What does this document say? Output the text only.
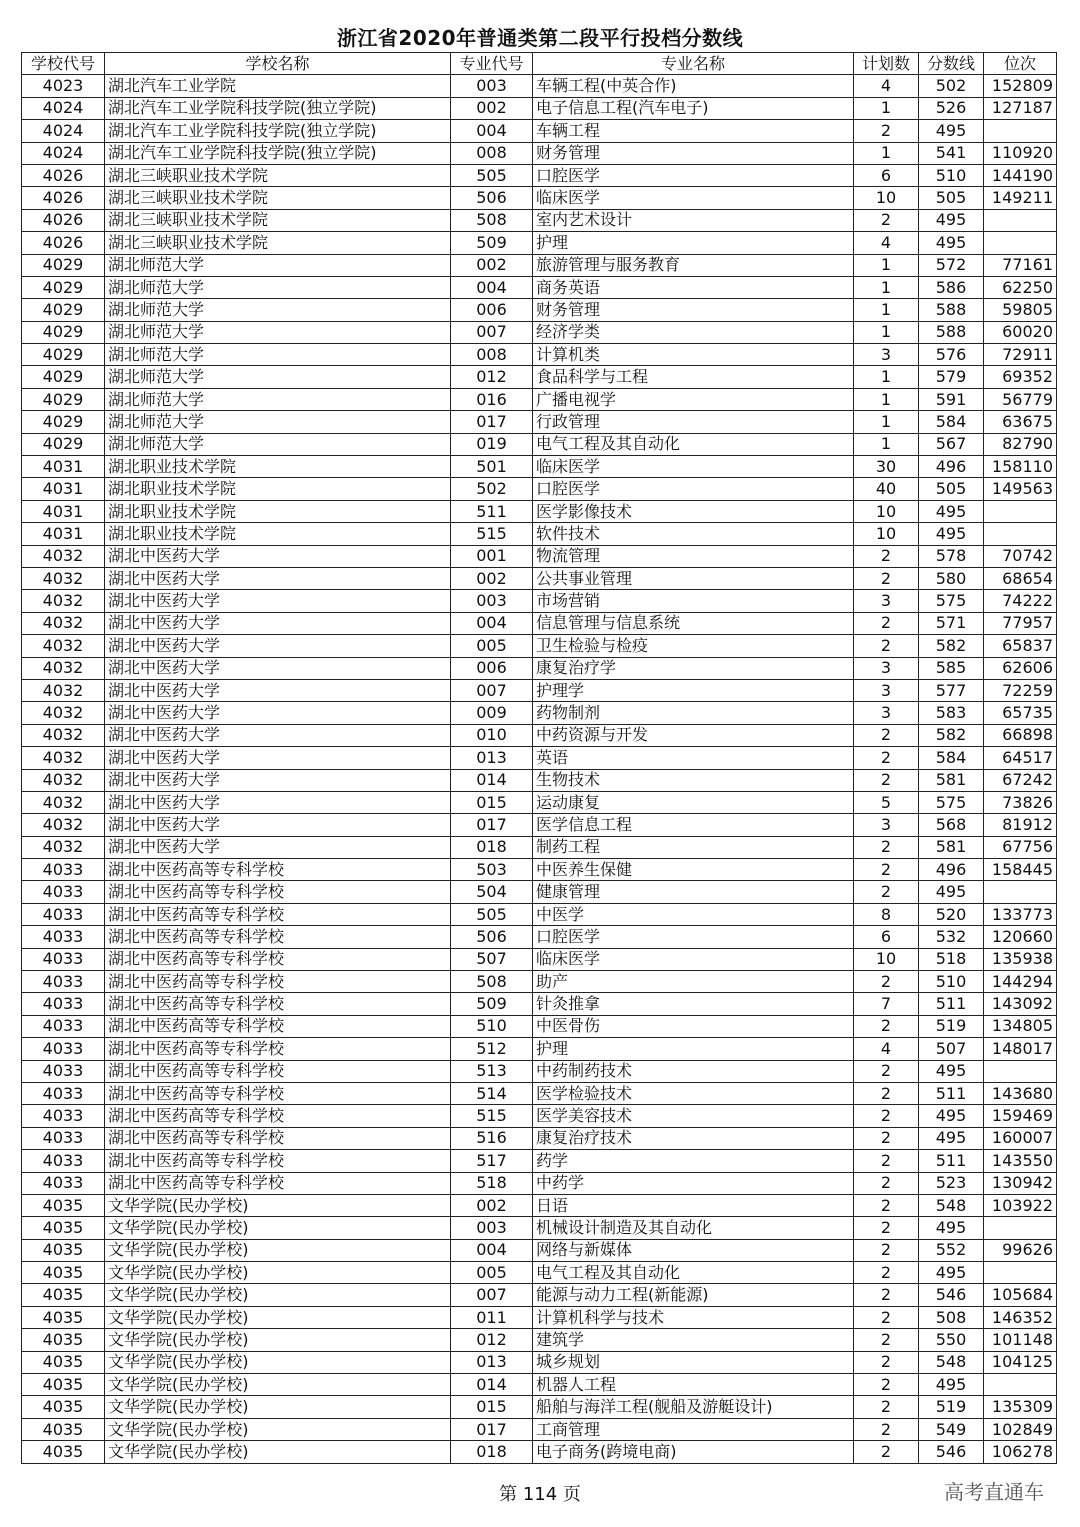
浙江省2020年普通类第二段平行投档分数线
学校代号	学校名称	专业代号	专业名称	计划数	分数线	位次
4023	湖北汽车工业学院	003	车辆工程(中英合作)	4	502	152809
4024	湖北汽车工业学院科技学院(独立学院)	002	电子信息工程(汽车电子)	1	526	127187
4024	湖北汽车工业学院科技学院(独立学院)	004	车辆工程	2	495	
4024	湖北汽车工业学院科技学院(独立学院)	008	财务管理	1	541	110920
4026	湖北三峡职业技术学院	505	口腔医学	6	510	144190
4026	湖北三峡职业技术学院	506	临床医学	10	505	149211
4026	湖北三峡职业技术学院	508	室内艺术设计	2	495	
4026	湖北三峡职业技术学院	509	护理	4	495	
4029	湖北师范大学	002	旅游管理与服务教育	1	572	77161
4029	湖北师范大学	004	商务英语	1	586	62250
4029	湖北师范大学	006	财务管理	1	588	59805
4029	湖北师范大学	007	经济学类	1	588	60020
4029	湖北师范大学	008	计算机类	3	576	72911
4029	湖北师范大学	012	食品科学与工程	1	579	69352
4029	湖北师范大学	016	广播电视学	1	591	56779
4029	湖北师范大学	017	行政管理	1	584	63675
4029	湖北师范大学	019	电气工程及其自动化	1	567	82790
4031	湖北职业技术学院	501	临床医学	30	496	158110
4031	湖北职业技术学院	502	口腔医学	40	505	149563
4031	湖北职业技术学院	511	医学影像技术	10	495	
4031	湖北职业技术学院	515	软件技术	10	495	
4032	湖北中医药大学	001	物流管理	2	578	70742
4032	湖北中医药大学	002	公共事业管理	2	580	68654
4032	湖北中医药大学	003	市场营销	3	575	74222
4032	湖北中医药大学	004	信息管理与信息系统	2	571	77957
4032	湖北中医药大学	005	卫生检验与检疫	2	582	65837
4032	湖北中医药大学	006	康复治疗学	3	585	62606
4032	湖北中医药大学	007	护理学	3	577	72259
4032	湖北中医药大学	009	药物制剂	3	583	65735
4032	湖北中医药大学	010	中药资源与开发	2	582	66898
4032	湖北中医药大学	013	英语	2	584	64517
4032	湖北中医药大学	014	生物技术	2	581	67242
4032	湖北中医药大学	015	运动康复	5	575	73826
4032	湖北中医药大学	017	医学信息工程	3	568	81912
4032	湖北中医药大学	018	制药工程	2	581	67756
4033	湖北中医药高等专科学校	503	中医养生保健	2	496	158445
4033	湖北中医药高等专科学校	504	健康管理	2	495	
4033	湖北中医药高等专科学校	505	中医学	8	520	133773
4033	湖北中医药高等专科学校	506	口腔医学	6	532	120660
4033	湖北中医药高等专科学校	507	临床医学	10	518	135938
4033	湖北中医药高等专科学校	508	助产	2	510	144294
4033	湖北中医药高等专科学校	509	针灸推拿	7	511	143092
4033	湖北中医药高等专科学校	510	中医骨伤	2	519	134805
4033	湖北中医药高等专科学校	512	护理	4	507	148017
4033	湖北中医药高等专科学校	513	中药制药技术	2	495	
4033	湖北中医药高等专科学校	514	医学检验技术	2	511	143680
4033	湖北中医药高等专科学校	515	医学美容技术	2	495	159469
4033	湖北中医药高等专科学校	516	康复治疗技术	2	495	160007
4033	湖北中医药高等专科学校	517	药学	2	511	143550
4033	湖北中医药高等专科学校	518	中药学	2	523	130942
4035	文华学院(民办学校)	002	日语	2	548	103922
4035	文华学院(民办学校)	003	机械设计制造及其自动化	2	495	
4035	文华学院(民办学校)	004	网络与新媒体	2	552	99626
4035	文华学院(民办学校)	005	电气工程及其自动化	2	495	
4035	文华学院(民办学校)	007	能源与动力工程(新能源)	2	546	105684
4035	文华学院(民办学校)	011	计算机科学与技术	2	508	146352
4035	文华学院(民办学校)	012	建筑学	2	550	101148
4035	文华学院(民办学校)	013	城乡规划	2	548	104125
4035	文华学院(民办学校)	014	机器人工程	2	495	
4035	文华学院(民办学校)	015	船舶与海洋工程(舰船及游艇设计)	2	519	135309
4035	文华学院(民办学校)	017	工商管理	2	549	102849
4035	文华学院(民办学校)	018	电子商务(跨境电商)	2	546	106278
第 114 页	高考直通车
